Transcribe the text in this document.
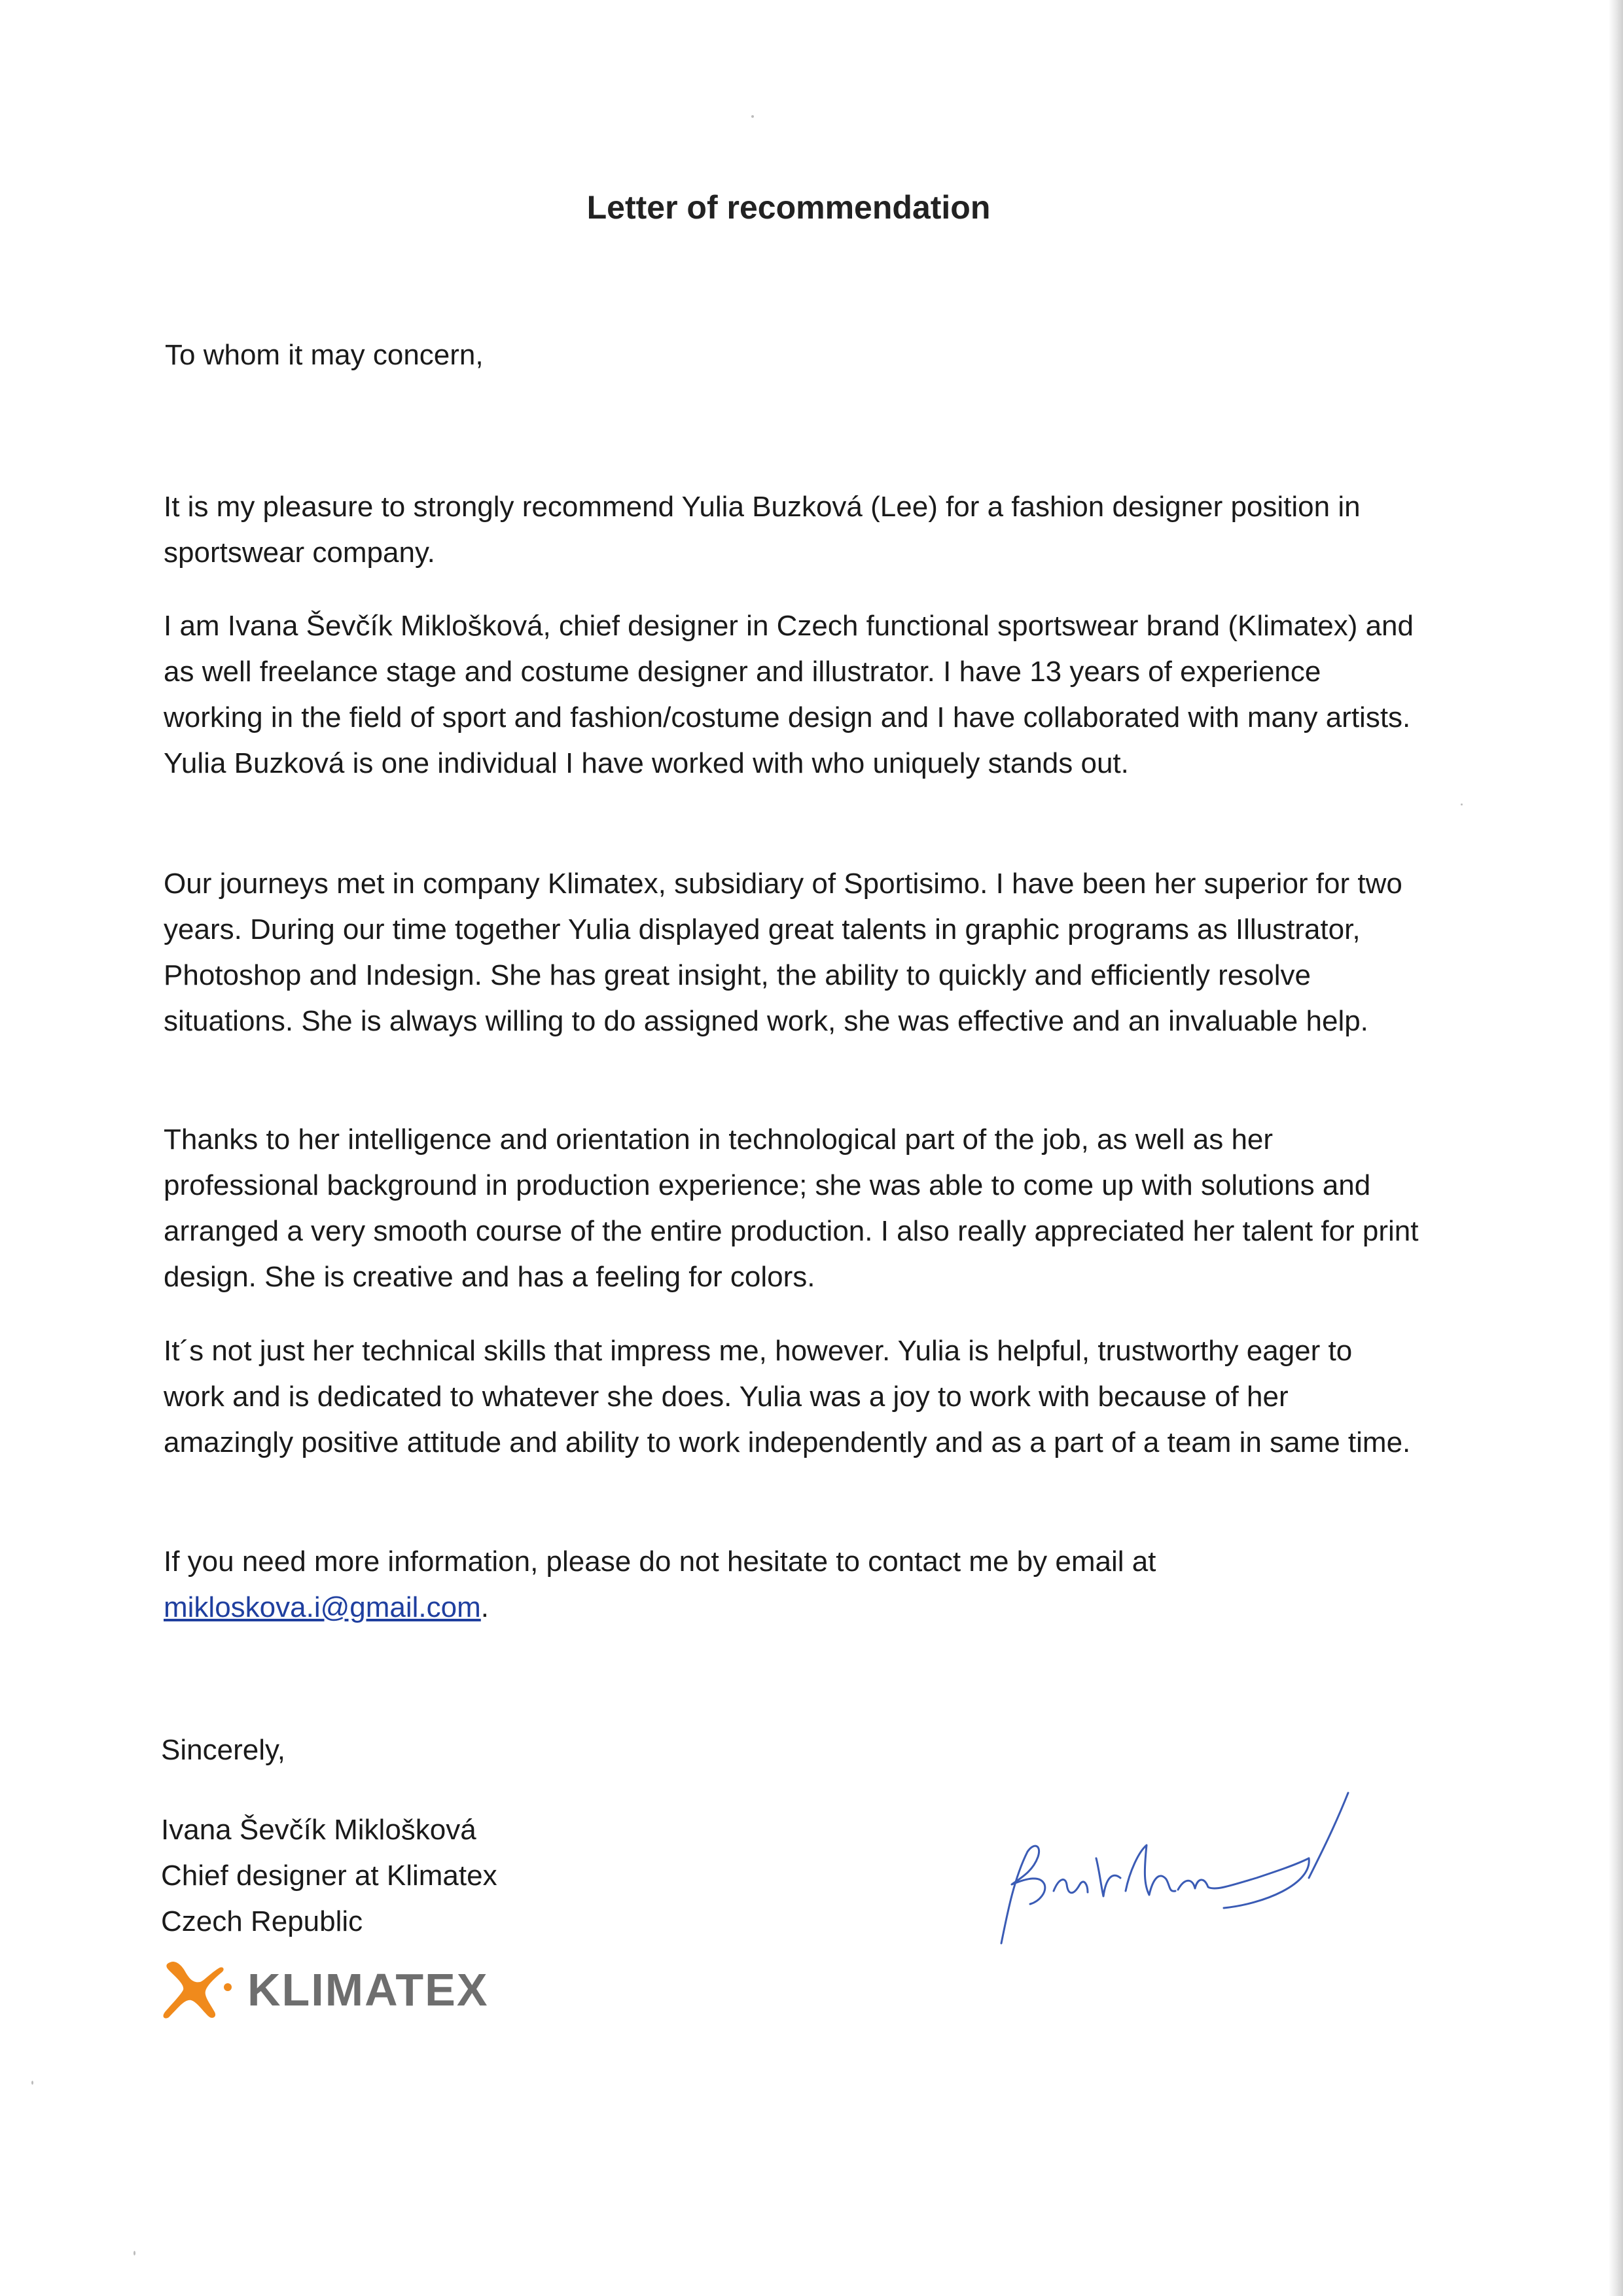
Letter of recommendation

To whom it may concern,

It is my pleasure to strongly recommend Yulia Buzková (Lee) for a fashion designer position in sportswear company.

I am Ivana Ševčík Miklošková, chief designer in Czech functional sportswear brand (Klimatex) and as well freelance stage and costume designer and illustrator. I have 13 years of experience working in the field of sport and fashion/costume design and I have collaborated with many artists. Yulia Buzková is one individual I have worked with who uniquely stands out.

Our journeys met in company Klimatex, subsidiary of Sportisimo. I have been her superior for two years. During our time together Yulia displayed great talents in graphic programs as Illustrator, Photoshop and Indesign. She has great insight, the ability to quickly and efficiently resolve situations. She is always willing to do assigned work, she was effective and an invaluable help.

Thanks to her intelligence and orientation in technological part of the job, as well as her professional background in production experience; she was able to come up with solutions and arranged a very smooth course of the entire production. I also really appreciated her talent for print design. She is creative and has a feeling for colors.

It´s not just her technical skills that impress me, however. Yulia is helpful, trustworthy eager to work and is dedicated to whatever she does. Yulia was a joy to work with because of her amazingly positive attitude and ability to work independently and as a part of a team in same time.

If you need more information, please do not hesitate to contact me by email at
mikloskova.i@gmail.com.

Sincerely,

Ivana Ševčík Miklošková
Chief designer at Klimatex
Czech Republic
KLIMATEX
